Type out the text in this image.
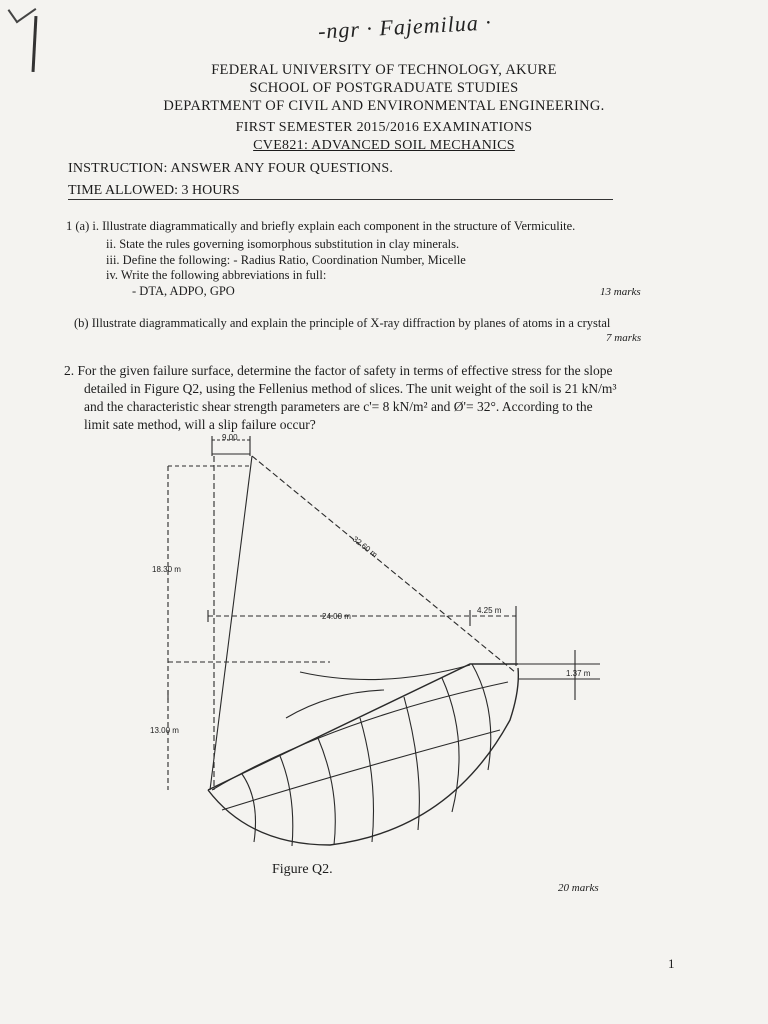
-ngr · Fajemilua ·
FEDERAL UNIVERSITY OF TECHNOLOGY, AKURE
SCHOOL OF POSTGRADUATE STUDIES
DEPARTMENT OF CIVIL AND ENVIRONMENTAL ENGINEERING.
FIRST SEMESTER 2015/2016 EXAMINATIONS
CVE821: ADVANCED SOIL MECHANICS
INSTRUCTION: ANSWER ANY FOUR QUESTIONS.
TIME ALLOWED: 3 HOURS
1 (a) i. Illustrate diagrammatically and briefly explain each component in the structure of Vermiculite.
ii. State the rules governing isomorphous substitution in clay minerals.
iii. Define the following: - Radius Ratio, Coordination Number, Micelle
iv. Write the following abbreviations in full:
- DTA, ADPO, GPO	13 marks
(b) Illustrate diagrammatically and explain the principle of X-ray diffraction by planes of atoms in a crystal
7 marks
2. For the given failure surface, determine the factor of safety in terms of effective stress for the slope
detailed in Figure Q2, using the Fellenius method of slices. The unit weight of the soil is 21 kN/m³
and the characteristic shear strength parameters are c'= 8 kN/m² and Ø'= 32°. According to the
limit sate method, will a slip failure occur?
9.00
18.30 m
32.60 m
24.00 m
4.25 m
1.37 m
13.00 m
Figure Q2.
20 marks
1
